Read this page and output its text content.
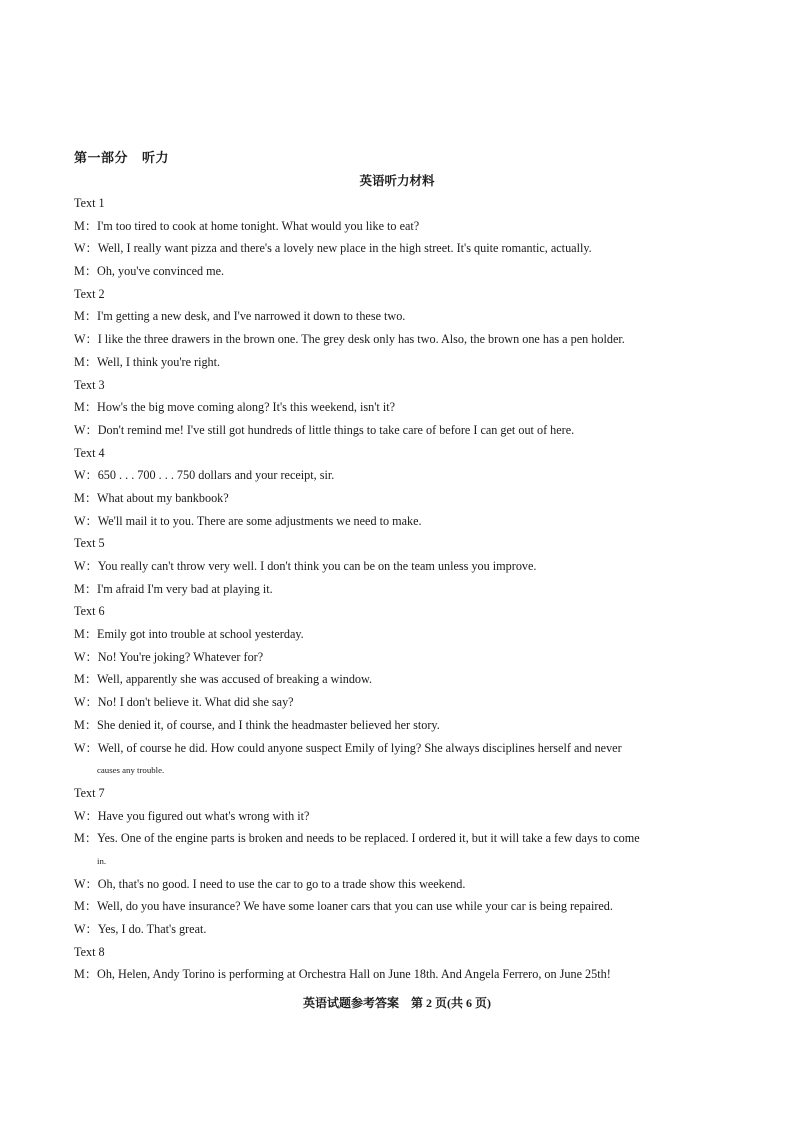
第一部分 听力
英语听力材料
Text 1
M：I'm too tired to cook at home tonight. What would you like to eat?
W：Well, I really want pizza and there's a lovely new place in the high street. It's quite romantic, actually.
M：Oh, you've convinced me.
Text 2
M：I'm getting a new desk, and I've narrowed it down to these two.
W：I like the three drawers in the brown one. The grey desk only has two. Also, the brown one has a pen holder.
M：Well, I think you're right.
Text 3
M：How's the big move coming along? It's this weekend, isn't it?
W：Don't remind me! I've still got hundreds of little things to take care of before I can get out of here.
Text 4
W：650 . . . 700 . . . 750 dollars and your receipt, sir.
M：What about my bankbook?
W：We'll mail it to you. There are some adjustments we need to make.
Text 5
W：You really can't throw very well. I don't think you can be on the team unless you improve.
M：I'm afraid I'm very bad at playing it.
Text 6
M：Emily got into trouble at school yesterday.
W：No! You're joking? Whatever for?
M：Well, apparently she was accused of breaking a window.
W：No! I don't believe it. What did she say?
M：She denied it, of course, and I think the headmaster believed her story.
W：Well, of course he did. How could anyone suspect Emily of lying? She always disciplines herself and never
causes any trouble.
Text 7
W：Have you figured out what's wrong with it?
M：Yes. One of the engine parts is broken and needs to be replaced. I ordered it, but it will take a few days to come
in.
W：Oh, that's no good. I need to use the car to go to a trade show this weekend.
M：Well, do you have insurance? We have some loaner cars that you can use while your car is being repaired.
W：Yes, I do. That's great.
Text 8
M：Oh, Helen, Andy Torino is performing at Orchestra Hall on June 18th. And Angela Ferrero, on June 25th!
英语试题参考答案　第 2 页(共 6 页)
